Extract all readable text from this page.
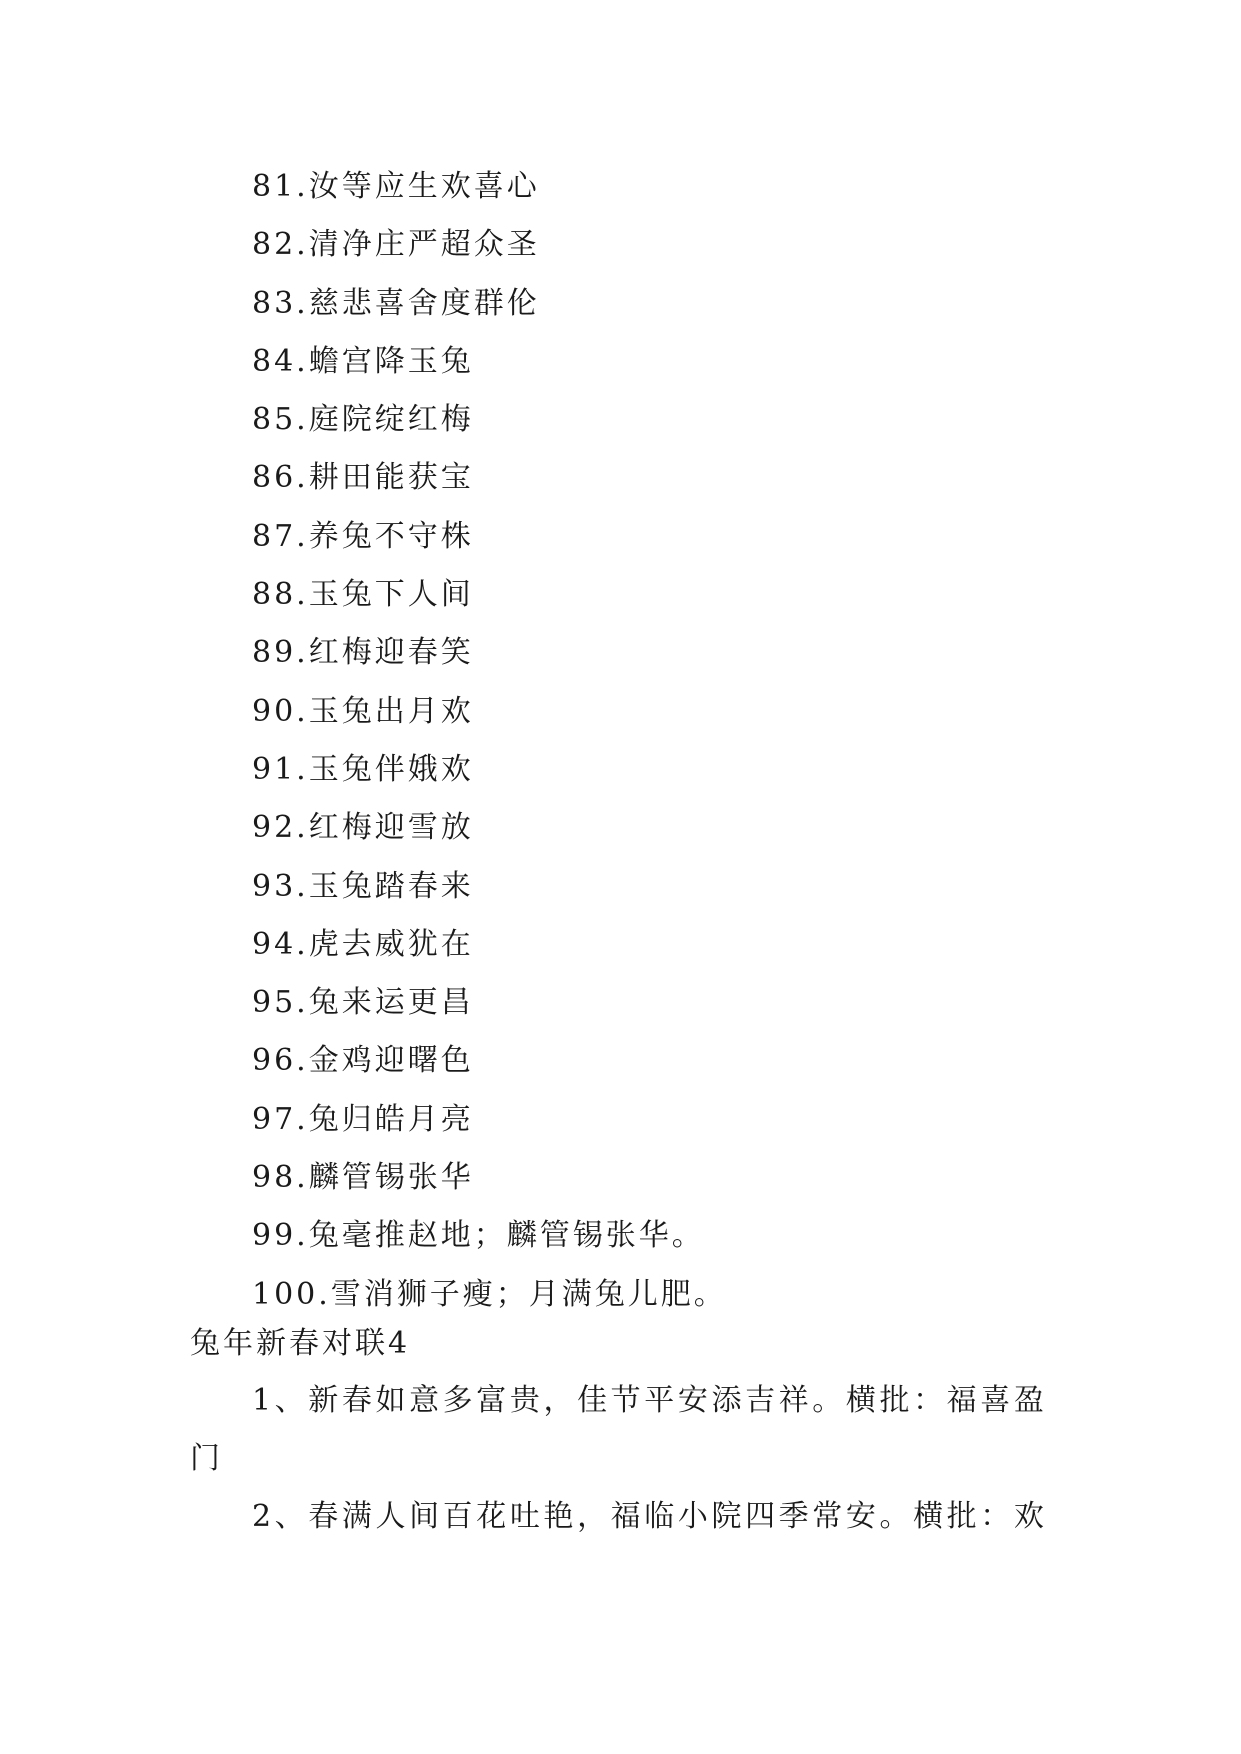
81.汝等应生欢喜心
82.清净庄严超众圣
83.慈悲喜舍度群伦
84.蟾宫降玉兔
85.庭院绽红梅
86.耕田能获宝
87.养兔不守株
88.玉兔下人间
89.红梅迎春笑
90.玉兔出月欢
91.玉兔伴娥欢
92.红梅迎雪放
93.玉兔踏春来
94.虎去威犹在
95.兔来运更昌
96.金鸡迎曙色
97.兔归皓月亮
98.麟管锡张华
99.兔毫推赵地；麟管锡张华。
100.雪消狮子瘦；月满兔儿肥。
兔年新春对联4
1、新春如意多富贵，佳节平安添吉祥。横批：福喜盈门
2、春满人间百花吐艳，福临小院四季常安。横批：欢
